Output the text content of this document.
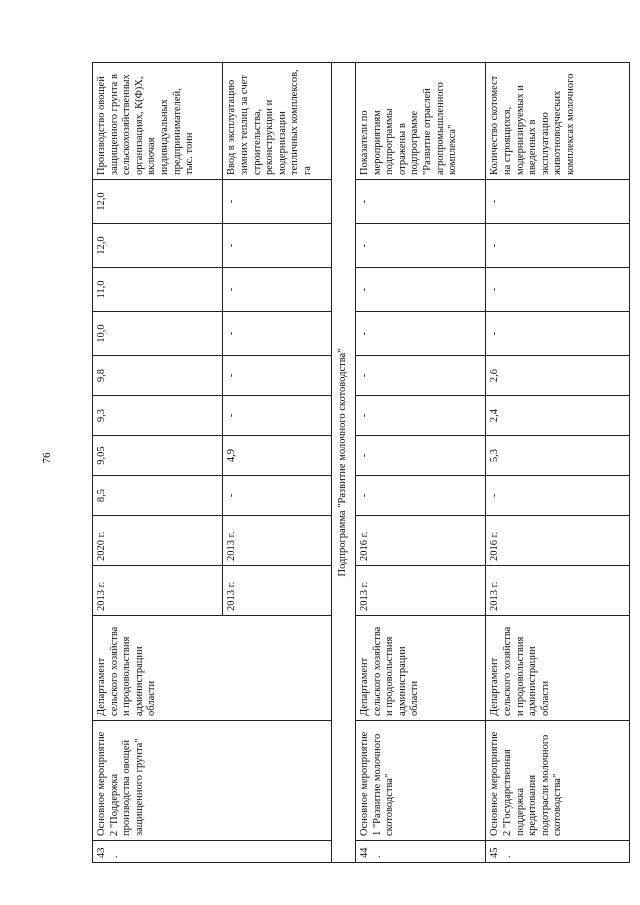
76
43.	Основное мероприятие 2 "Поддержка производства овощей защищенного грунта"	Департамент сельского хозяйства и продовольствия администрации области	2013 г.	2020 г.	8,5	9,05	9,3	9,8	10,0	11,0	12,0	12,0	Производство овощей защищенного грунта в сельскохозяйственных организациях, К(Ф)Х, включая индивидуальных предпринимателей, тыс. тонн
			2013 г.	2013 г.	-	4,9	-	-	-	-	-	-	Ввод в эксплуатацию зимних теплиц за счет строительства, реконструкции и модернизации тепличных комплексов, га
Подпрограмма "Развитие молочного скотоводства"													
44.	Основное мероприятие 1 "Развитие молочного скотоводства"	Департамент сельского хозяйства и продовольствия администрации области	2013 г.	2016 г.	-	-	-	-	-	-	-	-	Показатели по мероприятиям подпрограммы отражены в подпрограмме "Развитие отраслей агропромышленного комплекса"
45.	Основное мероприятие 2 "Государственная поддержка кредитования подотрасли молочного скотоводства"	Департамент сельского хозяйства и продовольствия администрации области	2013 г.	2016 г.	-	5,3	2,4	2,6	-	-	-	-	Количество скотомест на строящихся, модернизируемых и введенных в эксплуатацию животноводческих комплексах молочного
